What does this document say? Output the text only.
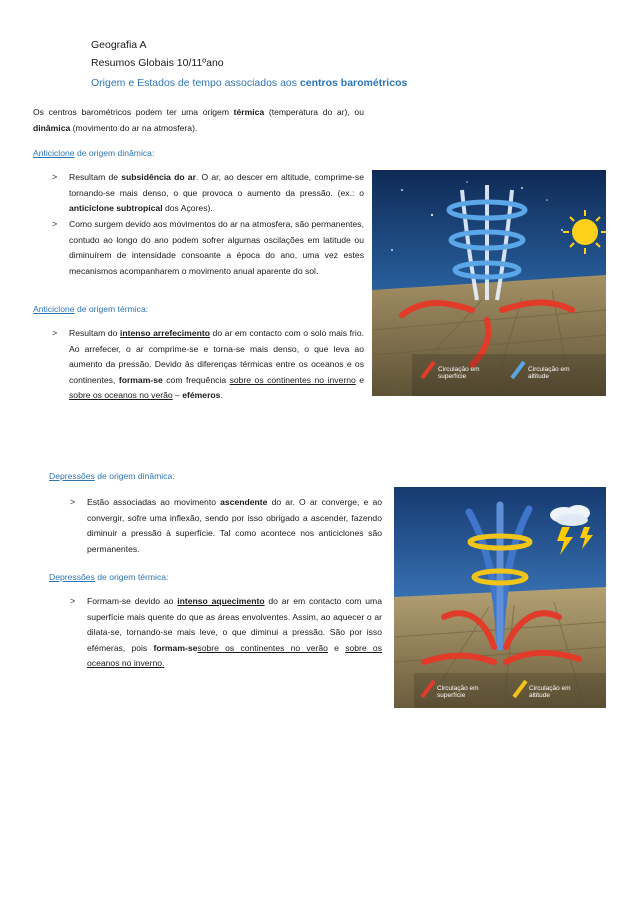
Geografia A
Resumos Globais 10/11ºano
Origem e Estados de tempo associados aos centros barométricos
Os centros barométricos podem ter uma origem térmica (temperatura do ar), ou dinâmica (movimento do ar na atmosfera).
Anticiclone de origem dinâmica:
> Resultam de subsidência do ar. O ar, ao descer em altitude, comprime-se tornando-se mais denso, o que provoca o aumento da pressão. (ex.: o anticiclone subtropical dos Açores).
> Como surgem devido aos movimentos do ar na atmosfera, são permanentes, contudo ao longo do ano podem sofrer algumas oscilações em latitude ou diminuírem de intensidade consoante a época do ano, uma vez estes mecanismos acompanharem o movimento anual aparente do sol.
Anticiclone de origem térmica:
> Resultam do intenso arrefecimento do ar em contacto com o solo mais frio. Ao arrefecer, o ar comprime-se e torna-se mais denso, o que leva ao aumento da pressão. Devido às diferenças térmicas entre os oceanos e os continentes, formam-se com frequência sobre os continentes no inverno e sobre os oceanos no verão – efémeros.
Circulação em superfície
Circulação em altitude
Depressões de origem dinâmica:
> Estão associadas ao movimento ascendente do ar. O ar converge, e ao convergir, sofre uma inflexão, sendo por isso obrigado a ascender, fazendo diminuir a pressão à superfície. Tal como acontece nos anticiclones são permanentes.
Depressões de origem térmica:
> Formam-se devido ao intenso aquecimento do ar em contacto com uma superfície mais quente do que as áreas envolventes. Assim, ao aquecer o ar dilata-se, tornando-se mais leve, o que diminui a pressão. São por isso efémeras, pois formam-sesobre os continentes no verão e sobre os oceanos no inverno.
Circulação em superfície
Circulação em altitude
